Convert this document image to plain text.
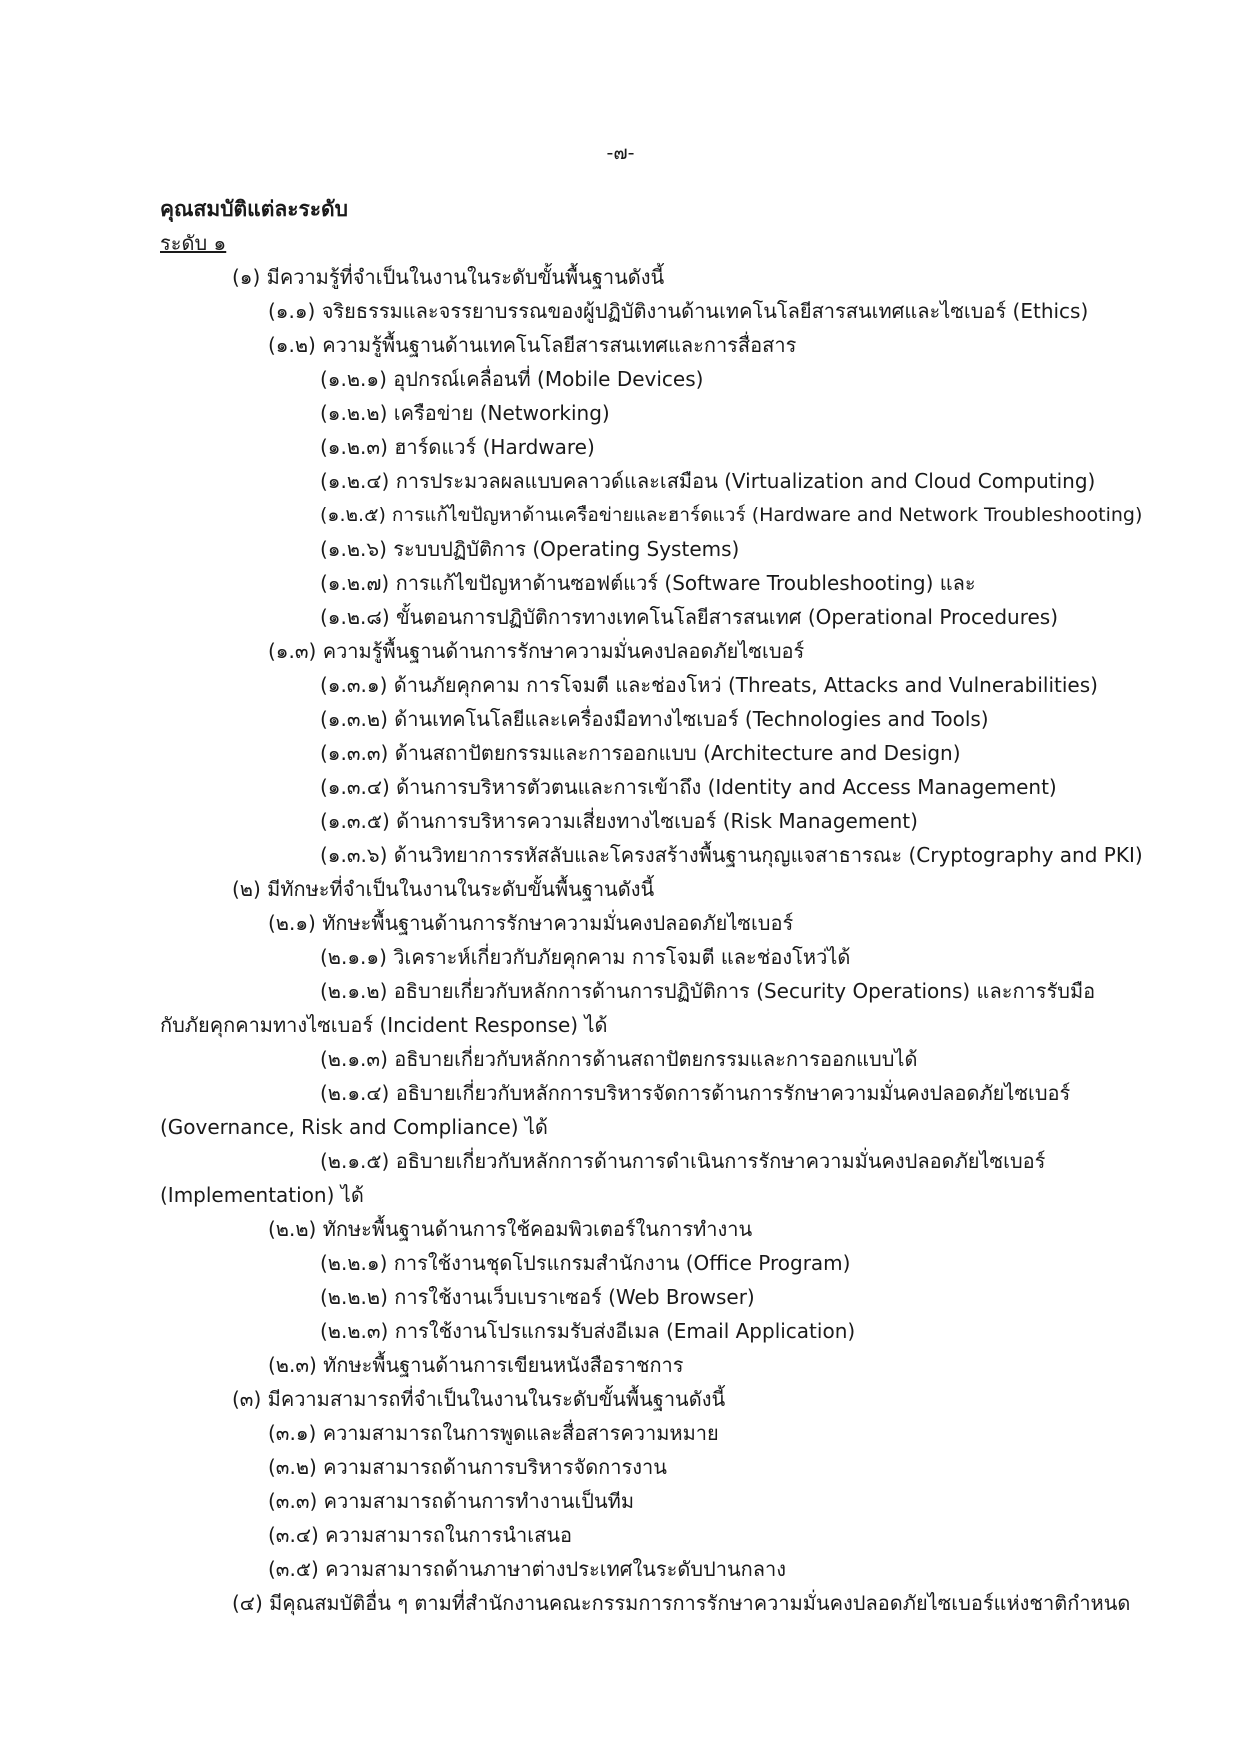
-๗-
คุณสมบัติแต่ละระดับ
ระดับ ๑
(๑) มีความรู้ที่จำเป็นในงานในระดับขั้นพื้นฐานดังนี้
(๑.๑) จริยธรรมและจรรยาบรรณของผู้ปฏิบัติงานด้านเทคโนโลยีสารสนเทศและไซเบอร์ (Ethics)
(๑.๒) ความรู้พื้นฐานด้านเทคโนโลยีสารสนเทศและการสื่อสาร
(๑.๒.๑) อุปกรณ์เคลื่อนที่ (Mobile Devices)
(๑.๒.๒) เครือข่าย (Networking)
(๑.๒.๓) ฮาร์ดแวร์ (Hardware)
(๑.๒.๔) การประมวลผลแบบคลาวด์และเสมือน (Virtualization and Cloud Computing)
(๑.๒.๕) การแก้ไขปัญหาด้านเครือข่ายและฮาร์ดแวร์ (Hardware and Network Troubleshooting)
(๑.๒.๖) ระบบปฏิบัติการ (Operating Systems)
(๑.๒.๗) การแก้ไขปัญหาด้านซอฟต์แวร์ (Software Troubleshooting) และ
(๑.๒.๘) ขั้นตอนการปฏิบัติการทางเทคโนโลยีสารสนเทศ (Operational Procedures)
(๑.๓) ความรู้พื้นฐานด้านการรักษาความมั่นคงปลอดภัยไซเบอร์
(๑.๓.๑) ด้านภัยคุกคาม การโจมตี และช่องโหว่ (Threats, Attacks and Vulnerabilities)
(๑.๓.๒) ด้านเทคโนโลยีและเครื่องมือทางไซเบอร์ (Technologies and Tools)
(๑.๓.๓) ด้านสถาปัตยกรรมและการออกแบบ (Architecture and Design)
(๑.๓.๔) ด้านการบริหารตัวตนและการเข้าถึง (Identity and Access Management)
(๑.๓.๕) ด้านการบริหารความเสี่ยงทางไซเบอร์ (Risk Management)
(๑.๓.๖) ด้านวิทยาการรหัสลับและโครงสร้างพื้นฐานกุญแจสาธารณะ (Cryptography and PKI)
(๒) มีทักษะที่จำเป็นในงานในระดับขั้นพื้นฐานดังนี้
(๒.๑) ทักษะพื้นฐานด้านการรักษาความมั่นคงปลอดภัยไซเบอร์
(๒.๑.๑) วิเคราะห์เกี่ยวกับภัยคุกคาม การโจมตี และช่องโหว่ได้
(๒.๑.๒) อธิบายเกี่ยวกับหลักการด้านการปฏิบัติการ (Security Operations) และการรับมือ
กับภัยคุกคามทางไซเบอร์ (Incident Response) ได้
(๒.๑.๓) อธิบายเกี่ยวกับหลักการด้านสถาปัตยกรรมและการออกแบบได้
(๒.๑.๔) อธิบายเกี่ยวกับหลักการบริหารจัดการด้านการรักษาความมั่นคงปลอดภัยไซเบอร์
(Governance, Risk and Compliance) ได้
(๒.๑.๕) อธิบายเกี่ยวกับหลักการด้านการดำเนินการรักษาความมั่นคงปลอดภัยไซเบอร์
(Implementation) ได้
(๒.๒) ทักษะพื้นฐานด้านการใช้คอมพิวเตอร์ในการทำงาน
(๒.๒.๑) การใช้งานชุดโปรแกรมสำนักงาน (Office Program)
(๒.๒.๒) การใช้งานเว็บเบราเซอร์ (Web Browser)
(๒.๒.๓) การใช้งานโปรแกรมรับส่งอีเมล (Email Application)
(๒.๓) ทักษะพื้นฐานด้านการเขียนหนังสือราชการ
(๓) มีความสามารถที่จำเป็นในงานในระดับขั้นพื้นฐานดังนี้
(๓.๑) ความสามารถในการพูดและสื่อสารความหมาย
(๓.๒) ความสามารถด้านการบริหารจัดการงาน
(๓.๓) ความสามารถด้านการทำงานเป็นทีม
(๓.๔) ความสามารถในการนำเสนอ
(๓.๕) ความสามารถด้านภาษาต่างประเทศในระดับปานกลาง
(๔) มีคุณสมบัติอื่น ๆ ตามที่สำนักงานคณะกรรมการการรักษาความมั่นคงปลอดภัยไซเบอร์แห่งชาติกำหนด
